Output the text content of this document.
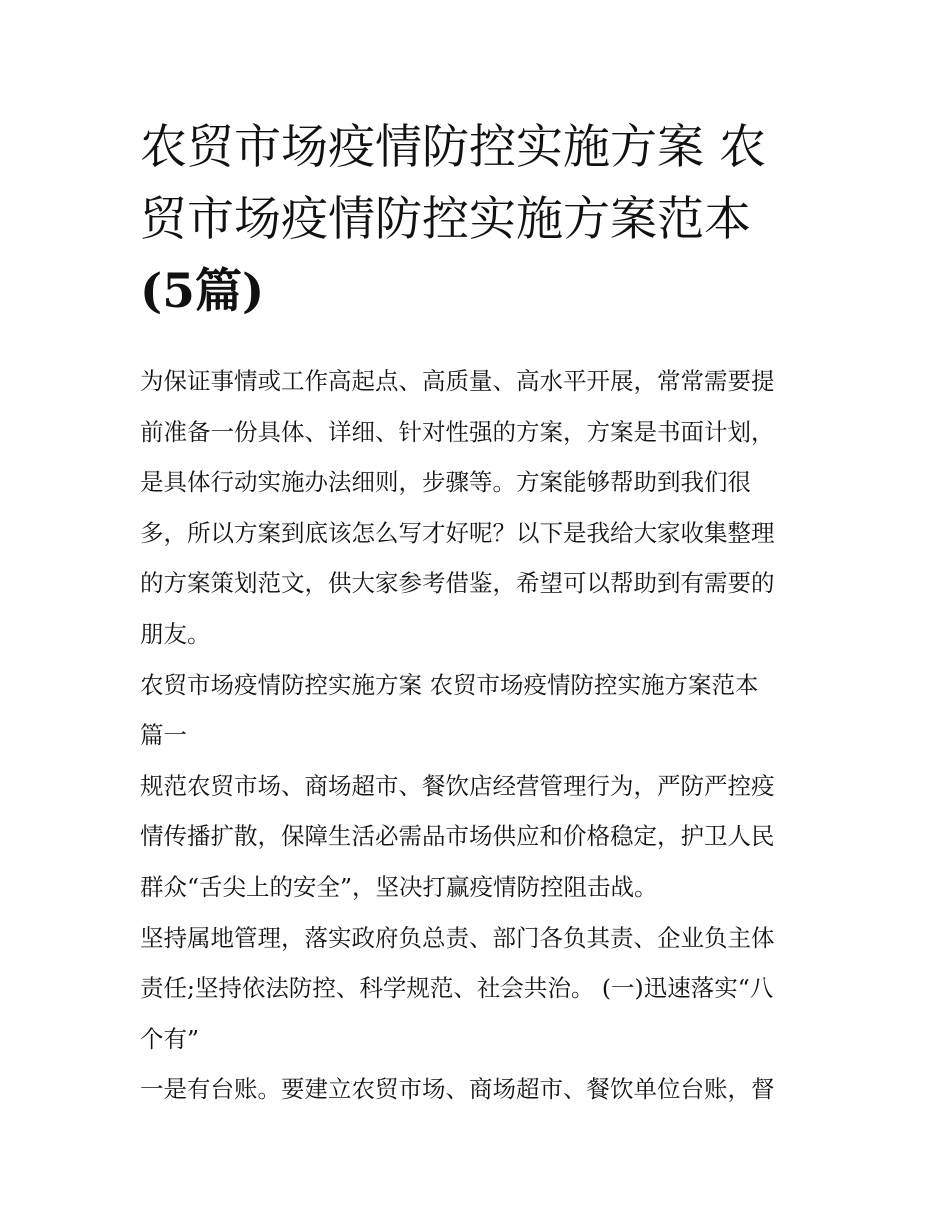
农贸市场疫情防控实施方案 农
贸市场疫情防控实施方案范本
(5篇)
为保证事情或工作高起点、高质量、高水平开展，常常需要提
前准备一份具体、详细、针对性强的方案，方案是书面计划，
是具体行动实施办法细则，步骤等。方案能够帮助到我们很
多，所以方案到底该怎么写才好呢？以下是我给大家收集整理
的方案策划范文，供大家参考借鉴，希望可以帮助到有需要的
朋友。
农贸市场疫情防控实施方案 农贸市场疫情防控实施方案范本
篇一
规范农贸市场、商场超市、餐饮店经营管理行为，严防严控疫
情传播扩散，保障生活必需品市场供应和价格稳定，护卫人民
群众“舌尖上的安全”，坚决打赢疫情防控阻击战。
坚持属地管理，落实政府负总责、部门各负其责、企业负主体
责任;坚持依法防控、科学规范、社会共治。 (一)迅速落实“八
个有”
一是有台账。要建立农贸市场、商场超市、餐饮单位台账，督
